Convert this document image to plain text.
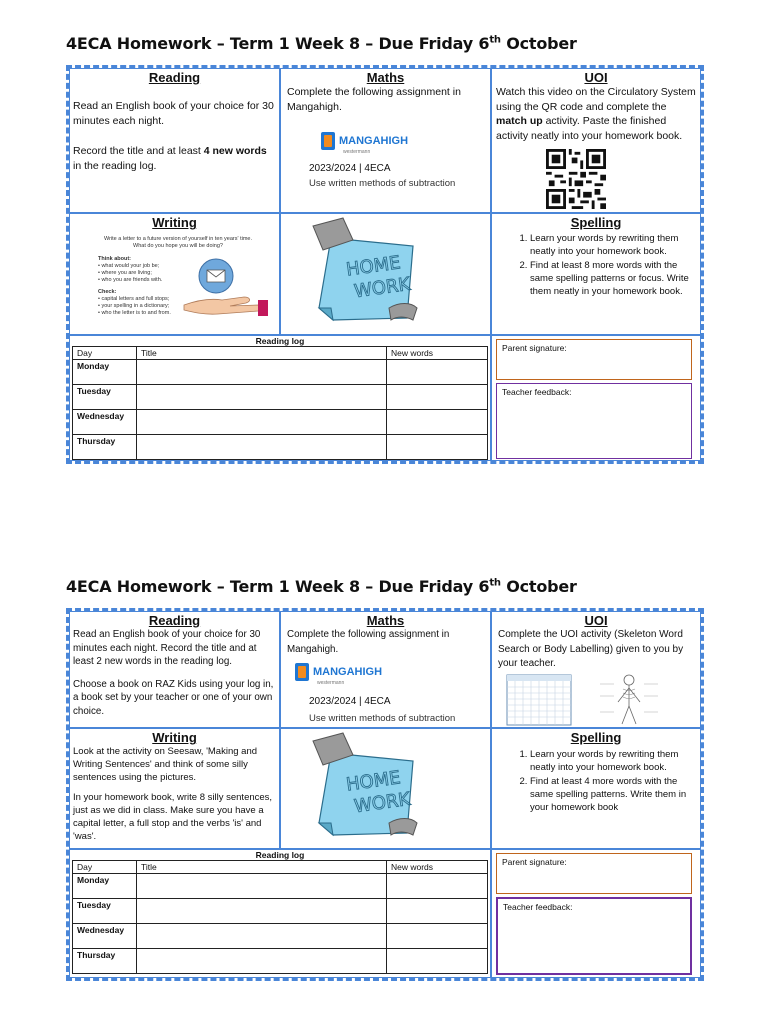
4ECA Homework – Term 1 Week 8 – Due Friday 6th October
Reading
Read an English book of your choice for 30 minutes each night.
Record the title and at least 4 new words in the reading log.
Maths
Complete the following assignment in Mangahigh.
MANGAHIGH
westermann
2023/2024 | 4ECA
Use written methods of subtraction
UOI
Watch this video on the Circulatory System using the QR code and complete the match up activity. Paste the finished activity neatly into your homework book.
Writing
Write a letter to a future version of yourself in ten years' time. What do you hope you will be doing?
Think about:
• what would your job be;
• where you are living;
• who you are friends with.
Check:
• capital letters and full stops;
• your spelling in a dictionary;
• who the letter is to and from.
HOME
WORK
Spelling
1. Learn your words by rewriting them neatly into your homework book.
2. Find at least 8 more words with the same spelling patterns or focus. Write them neatly in your homework book.
Reading log
Day	Title	New words
Monday		
Tuesday		
Wednesday		
Thursday		
Parent signature:
Teacher feedback:
4ECA Homework – Term 1 Week 8 – Due Friday 6th October
Reading
Read an English book of your choice for 30 minutes each night. Record the title and at least 2 new words in the reading log.
Choose a book on RAZ Kids using your log in, a book set by your teacher or one of your own choice.
Maths
Complete the following assignment in Mangahigh.
MANGAHIGH
westermann
2023/2024 | 4ECA
Use written methods of subtraction
UOI
Complete the UOI activity (Skeleton Word Search or Body Labelling) given to you by your teacher.
Writing
Look at the activity on Seesaw, 'Making and Writing Sentences' and think of some silly sentences using the pictures.
In your homework book, write 8 silly sentences, just as we did in class. Make sure you have a capital letter, a full stop and the verbs 'is' and 'was'.
HOME
WORK
Spelling
1. Learn your words by rewriting them neatly into your homework book.
2. Find at least 4 more words with the same spelling patterns. Write them in your homework book
Reading log
Day	Title	New words
Monday		
Tuesday		
Wednesday		
Thursday		
Parent signature:
Teacher feedback:
